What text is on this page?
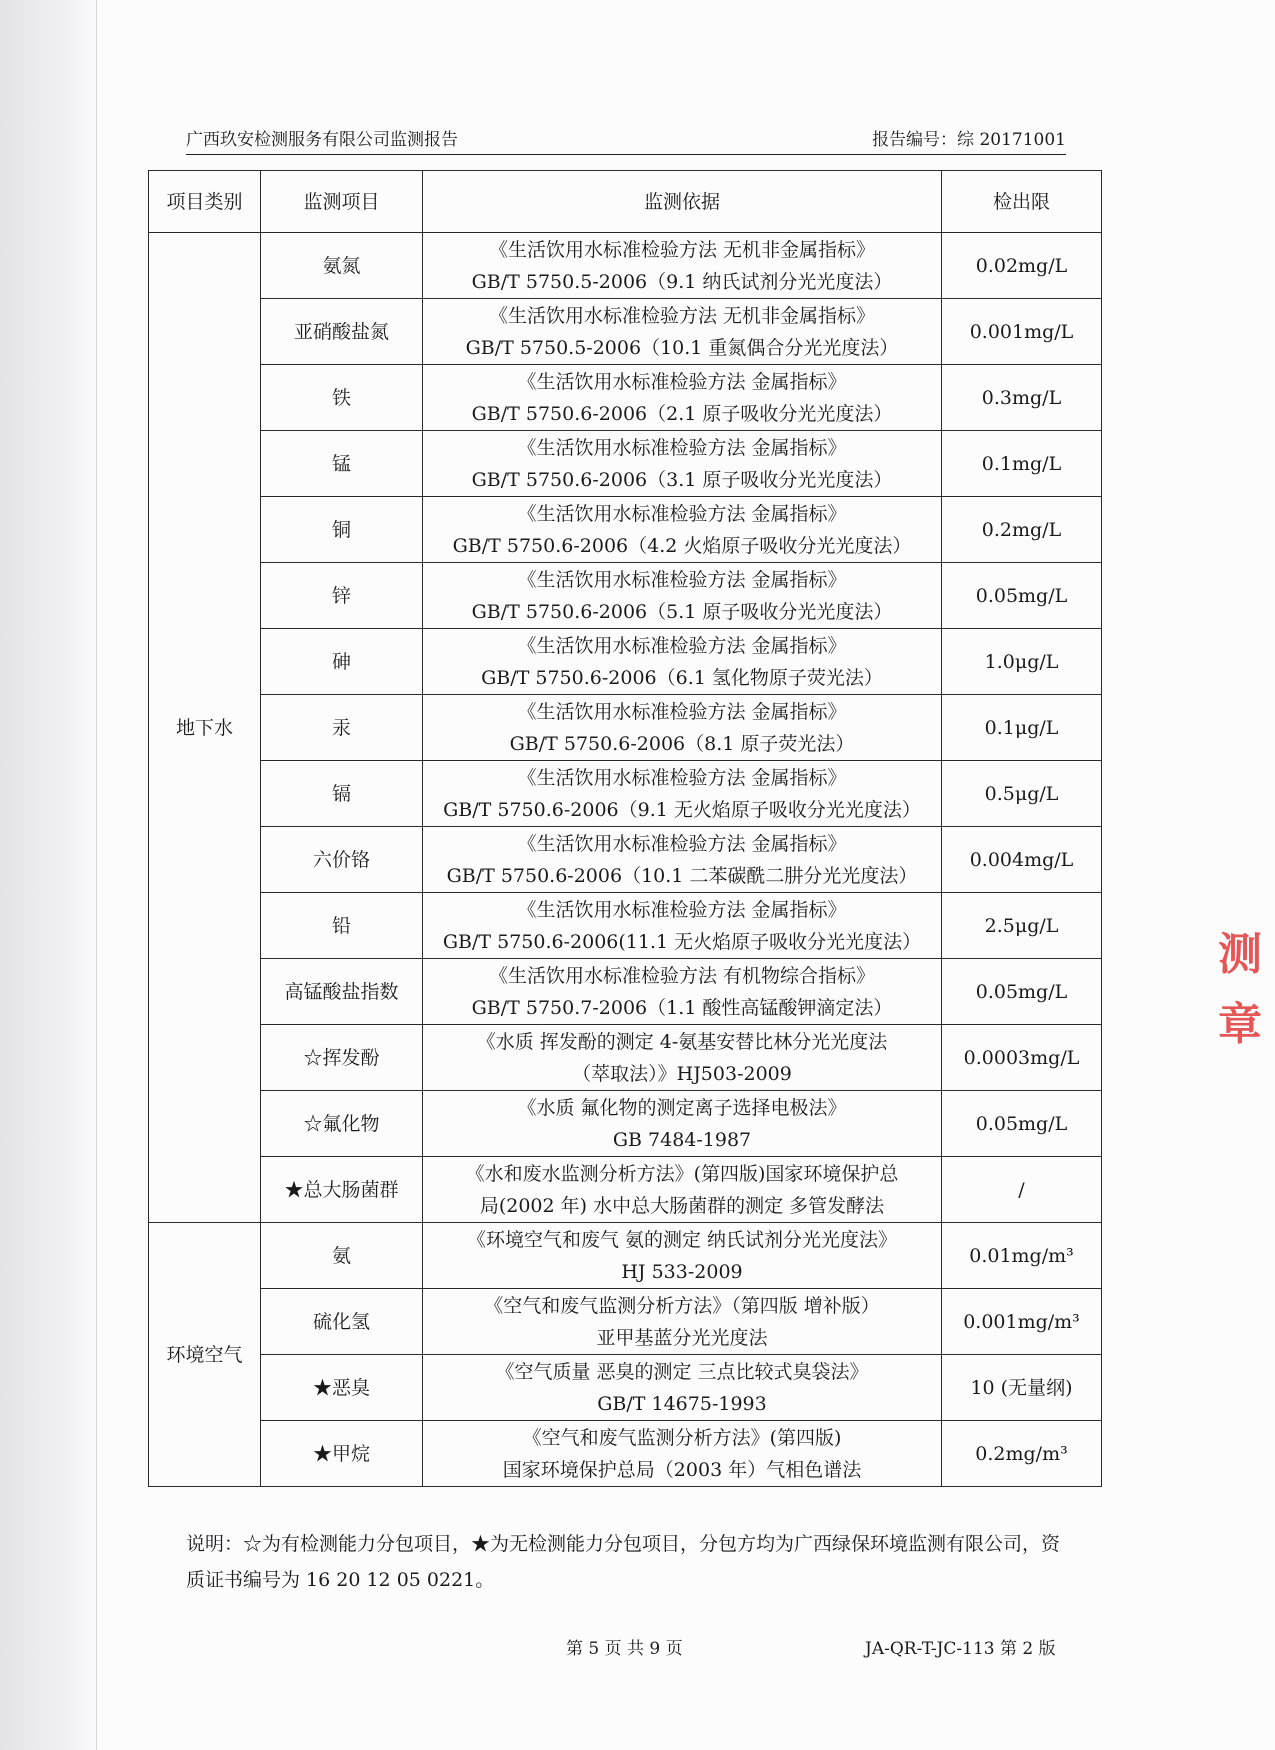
广西玖安检测服务有限公司监测报告	报告编号：综 20171001
项目类别	监测项目	监测依据	检出限
地下水	氨氮	《生活饮用水标准检验方法 无机非金属指标》
GB/T 5750.5-2006（9.1 纳氏试剂分光光度法）	0.02mg/L
	亚硝酸盐氮	《生活饮用水标准检验方法 无机非金属指标》
GB/T 5750.5-2006（10.1 重氮偶合分光光度法）	0.001mg/L
	铁	《生活饮用水标准检验方法 金属指标》
GB/T 5750.6-2006（2.1 原子吸收分光光度法）	0.3mg/L
	锰	《生活饮用水标准检验方法 金属指标》
GB/T 5750.6-2006（3.1 原子吸收分光光度法）	0.1mg/L
	铜	《生活饮用水标准检验方法 金属指标》
GB/T 5750.6-2006（4.2 火焰原子吸收分光光度法）	0.2mg/L
	锌	《生活饮用水标准检验方法 金属指标》
GB/T 5750.6-2006（5.1 原子吸收分光光度法）	0.05mg/L
	砷	《生活饮用水标准检验方法 金属指标》
GB/T 5750.6-2006（6.1 氢化物原子荧光法）	1.0μg/L
	汞	《生活饮用水标准检验方法 金属指标》
GB/T 5750.6-2006（8.1 原子荧光法）	0.1μg/L
	镉	《生活饮用水标准检验方法 金属指标》
GB/T 5750.6-2006（9.1 无火焰原子吸收分光光度法）	0.5μg/L
	六价铬	《生活饮用水标准检验方法 金属指标》
GB/T 5750.6-2006（10.1 二苯碳酰二肼分光光度法）	0.004mg/L
	铅	《生活饮用水标准检验方法 金属指标》
GB/T 5750.6-2006(11.1 无火焰原子吸收分光光度法）	2.5μg/L
	高锰酸盐指数	《生活饮用水标准检验方法 有机物综合指标》
GB/T 5750.7-2006（1.1 酸性高锰酸钾滴定法）	0.05mg/L
	☆挥发酚	《水质 挥发酚的测定 4-氨基安替比林分光光度法
（萃取法）》HJ503-2009	0.0003mg/L
	☆氟化物	《水质 氟化物的测定离子选择电极法》
GB 7484-1987	0.05mg/L
	★总大肠菌群	《水和废水监测分析方法》(第四版)国家环境保护总
局(2002 年) 水中总大肠菌群的测定 多管发酵法	/
环境空气	氨	《环境空气和废气 氨的测定 纳氏试剂分光光度法》
HJ 533-2009	0.01mg/m³
	硫化氢	《空气和废气监测分析方法》（第四版 增补版）
亚甲基蓝分光光度法	0.001mg/m³
	★恶臭	《空气质量 恶臭的测定 三点比较式臭袋法》
GB/T 14675-1993	10 (无量纲)
	★甲烷	《空气和废气监测分析方法》(第四版)
国家环境保护总局（2003 年）气相色谱法	0.2mg/m³
说明：☆为有检测能力分包项目，★为无检测能力分包项目，分包方均为广西绿保环境监测有限公司，资质证书编号为 16 20 12 05 0221。
第 5 页 共 9 页	JA-QR-T-JC-113 第 2 版
测章
